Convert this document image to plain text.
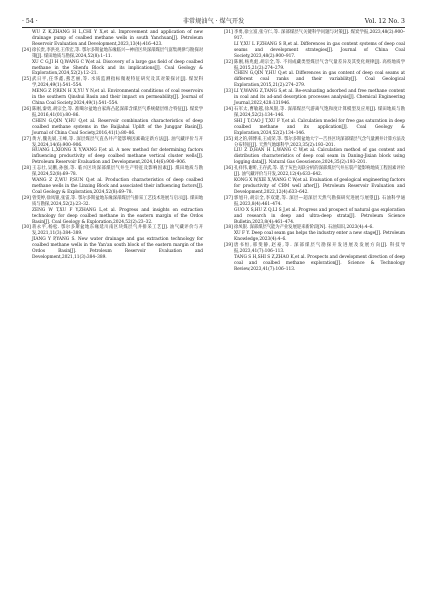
· 54 ·	非常规油气 · 煤气开发	Vol. 12 No. 3

WU Z K,ZHANG H L,CHI Y X,et al. Improvement and application of new drainage pump of coalbed methane wells in south Yanchuan[J]. Petroleum Reservoir Evaluation and Development,2023,13(4):416–423.

[24] 徐长贵,李洪亮,王伟宏,等. 鄂尔多斯盆地东缘临兴—神府区块深部煤层气富集规律与勘探对策[J]. 煤田地质与勘探,2024,52(8):1–11.

XU C G,JI H Q,WANG C W,et al. Discovery of a large gas field of deep coalbed methane in the Shenfu Block and its implications[J]. Coal Geology & Exploration,2024,52(2):12–21.

[25] 武日平,任华鑫,燕艺丽,等. 水质监测指标微观特征研究及其对策探讨[J]. 煤炭科学,2024,49(1):541–554.

MENG Z P,REN H X,YU Y N,et al. Environmental conditions of coal reservoirs in the southern Qinshui Basin and their impact on permeability[J]. Journal of China Coal Society,2024,49(1):541–554.

[26] 陈刚,秦勇,胡宗全,等. 准噶尔盆地白家海凸起深部含煤层气系统储层组合特征[J]. 煤炭学报,2016,41(01):80–86.

CHEN G,QIN Y,HU Q,et al. Reservoir combination characteristics of deep coalbed methane systems in the Baijiahai Uplift of the Junggar Basin[J]. Journal of China Coal Society,2016,41(1):80–86.

[27] 黄方,魏先斌,王峰,等. 深层煤层气直丛井产能影响因素确定新方法[J]. 油气藏评价与开发,2024,14(6):900–906.

HUANG L,XIONG X Y,WANG F,et al. A new method for determining factors influencing productivity of deep coalbed methane vertical cluster wells[J]. Petroleum Reservoir Evaluation and Development,2024,14(6):900–906.

[28] 王志壮,吴鹏,孙强,等. 临兴区块深部煤层气井生产特征及影响因素[J]. 煤田地质与勘探,2024,52(8):69–78.

WANG Z Z,WU P,SUN Q,et al. Production characteristics of deep coalbed methane wells in the Linxing Block and associated their influencing factors[J]. Coal Geology & Exploration,2024,52(8):69–78.

[29] 曾雯婷,徐凤银,张雷,等. 鄂尔多斯盆地东缘深部煤层气排采工艺技术进展与启示[J]. 煤田地质与勘探,2024,52(2):23–32.

ZENG W T,XU F Y,ZHANG L,et al. Progress and insights on extraction technology for deep coalbed methane in the eastern margin of the Ordos Basin[J]. Coal Geology & Exploration,2024,52(2):23–32.

[30] 蒋永平,杨松. 鄂尔多斯盆地东缘延川南区块煤层气井排采工艺[J]. 油气藏评价与开发,2021,11(3):384–389.

JIANG Y P,YANG S. New water drainage and gas extraction technology for coalbed methane wells in the Yan'an south block of the eastern margin of the Ordos Basin[J]. Petroleum Reservoir Evaluation and Development,2021,11(3):384–389.

[31] 李勇,徐立富,张守仁,等. 深部煤层气关键科学问题与对策[J]. 煤炭学报,2023,48(2):900–917.

LI Y,XU L F,ZHANG S R,et al. Differences in gas content systems of deep coal seams and development strategies[J]. Journal of China Coal Society,2023,48(2):900–917.

[32] 陈刚,杨兆彪,胡宗全,等. 不同成藏类型煤层气含气量差异及其变化规律[J]. 高校地质学报,2015,21(2):274–279.

CHEN G,QIN Y,HU Q,et al. Differences in gas content of deep coal seams at different coal ranks and their variability[J]. Coal Geological Exploration,2015,21(2):274–279.

[33] LI Y,WANG Z,TANG S,et al. Re-evaluating adsorbed and free methane content in coal and its ad-and desorption processes analysis[J]. Chemical Engineering Journal,2022,428:131946.

[34] 石军太,曹敏越,徐凤银,等. 深部煤层气游离气饱和度计算模型及应用[J]. 煤田地质与勘探,2024,52(2):134–146.

SHI J T,CAO J T,XU F Y,et al. Calculation model for free gas saturation in deep coalbed methane and its application[J]. Coal Geology & Exploration,2024,52(2):134–146.

[35] 刘之的,韩博来,王成荣,等. 鄂尔多斯盆地大宁—吉县区块深部煤层气含气量测井计算方法及分布特征[J]. 天然气地球科学,2023,35(2):193–201.

LIU Z D,HAN H L,WANG C W,et al. Calculation method of gas content and distribution characteristics of deep coal seam in Daning-Jixian block using logging data[J]. Natural Gas Geoscience,2024,35(2):193–201.

[36] 孔祥伟,谢昕,王存武,等. 基于灰色关联分析的深部煤层气井压裂产能影响地质工程因素评价[J]. 油气藏评价与开发,2022,12(4):633–642.

KONG X W,XIE X,WANG C W,et al. Evaluation of geological engineering factors for productivity of CBM well after[J]. Petroleum Reservoir Evaluation and Development,2022,12(4):633–642.

[37] 郭旭升,胡宗全,李双建,等. 深层—超深层天然气勘探研究进展与展望[J]. 石油科学通报,2023,8(4):461–474.

GUO X S,HU Z Q,LI S J,et al. Progress and prospect of natural gas exploration and research in deep and ultra-deep strata[J]. Petroleum Science Bulletin,2023,8(4):461–474.

[38] 徐凤银. 深部煤层气能为产业发展迎来新阶段[N]. 石油知识,2023(4):4–6.

XU F Y. Deep coal seam gas helps the industry enter a new stage[J]. Petroleum Knowledge,2023(4):4–6.

[39] 唐书恒,邢斐静,赵豪,等. 深部煤层气勘探开发进展及发展方向[J]. 科技导报,2023,41(7):106–113.

TANG S H,SHI S Z,ZHAO K,et al. Prospects and development direction of deep coal and coalbed methane exploration[J]. Science & Technology Review,2023,41(7):106–113.
